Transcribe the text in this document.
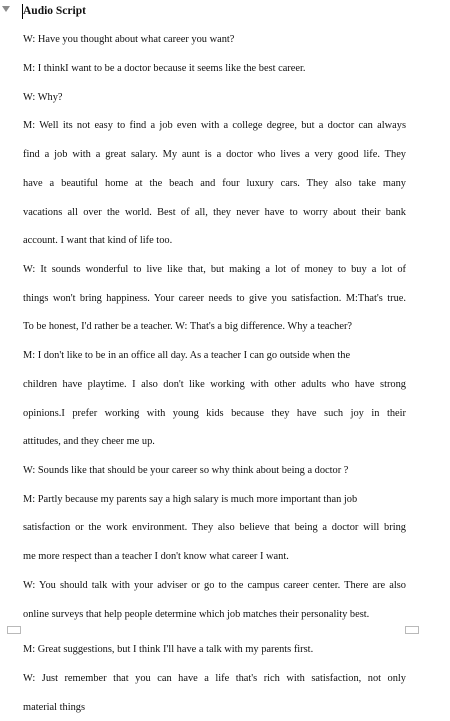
Audio Script
W: Have you thought about what career you want?
M: I thinkI want to be a doctor because it seems like the best career.
W: Why?
M: Well its not easy to find a job even with a college degree, but a doctor can always
find a job with a great salary. My aunt is a doctor who lives a very good life. They
have a beautiful home at the beach and four luxury cars. They also take many
vacations all over the world. Best of all, they never have to worry about their bank
account. I want that kind of life too.
W: It sounds wonderful to live like that, but making a lot of money to buy a lot of
things won't bring happiness. Your career needs to give you satisfaction. M:That's true.
To be honest, I'd rather be a teacher. W: That's a big difference. Why a teacher?
M: I don't like to be in an office all day. As a teacher I can go outside when the
children have playtime. I also don't like working with other adults who have strong
opinions.I prefer working with young kids because they have such joy in their
attitudes, and they cheer me up.
W: Sounds like that should be your career so why think about being a doctor ?
M: Partly because my parents say a high salary is much more important than job
satisfaction or the work environment. They also believe that being a doctor will bring
me more respect than a teacher I don't know what career I want.
W: You should talk with your adviser or go to the campus career center. There are also
online surveys that help people determine which job matches their personality best.
M: Great suggestions, but I think I'll have a talk with my parents first.
W: Just remember that you can have a life that's rich with satisfaction, not only
material things
